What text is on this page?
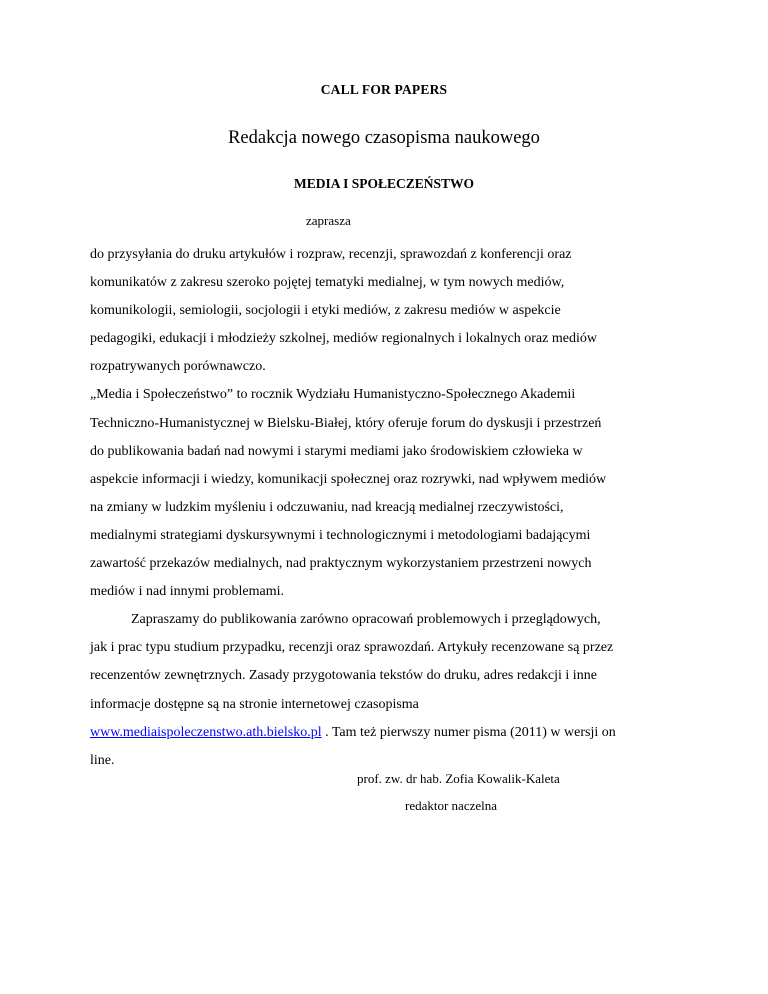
CALL FOR PAPERS
Redakcja nowego czasopisma naukowego
MEDIA I SPOŁECZEŃSTWO
zaprasza
do przysyłania do druku artykułów i rozpraw, recenzji, sprawozdań z konferencji oraz
komunikatów z zakresu szeroko pojętej tematyki medialnej, w tym nowych mediów,
komunikologii, semiologii, socjologii i etyki mediów, z zakresu mediów w aspekcie
pedagogiki, edukacji i młodzieży szkolnej, mediów regionalnych i lokalnych oraz mediów
rozpatrywanych porównawczo.
„Media i Społeczeństwo” to rocznik Wydziału Humanistyczno-Społecznego Akademii
Techniczno-Humanistycznej w Bielsku-Białej, który oferuje forum do dyskusji i przestrzeń
do publikowania badań nad nowymi i starymi mediami jako środowiskiem człowieka w
aspekcie informacji i wiedzy, komunikacji społecznej oraz rozrywki, nad wpływem mediów
na zmiany w ludzkim myśleniu i odczuwaniu, nad kreacją medialnej rzeczywistości,
medialnymi strategiami dyskursywnymi i technologicznymi i metodologiami badającymi
zawartość przekazów medialnych, nad praktycznym wykorzystaniem przestrzeni nowych
mediów i nad innymi problemami.
Zapraszamy do publikowania zarówno opracowań problemowych i przeglądowych,
jak i prac typu studium przypadku, recenzji oraz sprawozdań. Artykuły recenzowane są przez
recenzentów zewnętrznych. Zasady przygotowania tekstów do druku, adres redakcji i inne
informacje dostępne są na stronie internetowej czasopisma
www.mediaispoleczenstwo.ath.bielsko.pl . Tam też pierwszy numer pisma (2011) w wersji on
line.
prof. zw. dr hab. Zofia Kowalik-Kaleta
redaktor naczelna
